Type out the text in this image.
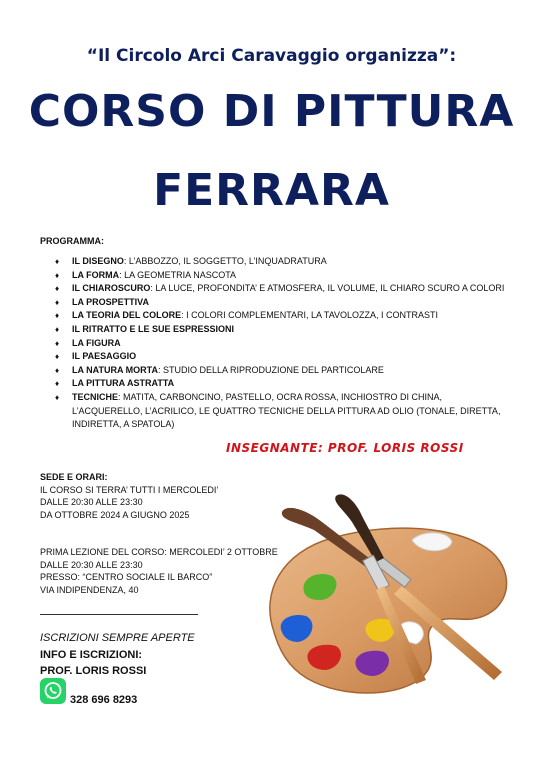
“Il Circolo Arci Caravaggio organizza”:
CORSO DI PITTURA
FERRARA
PROGRAMMA:
♦ IL DISEGNO: L’ABBOZZO, IL SOGGETTO, L’INQUADRATURA
♦ LA FORMA: LA GEOMETRIA NASCOTA
♦ IL CHIAROSCURO: LA LUCE, PROFONDITA’ E ATMOSFERA, IL VOLUME, IL CHIARO SCURO A COLORI
♦ LA PROSPETTIVA
♦ LA TEORIA DEL COLORE: I COLORI COMPLEMENTARI, LA TAVOLOZZA, I CONTRASTI
♦ IL RITRATTO E LE SUE ESPRESSIONI
♦ LA FIGURA
♦ IL PAESAGGIO
♦ LA NATURA MORTA: STUDIO DELLA RIPRODUZIONE DEL PARTICOLARE
♦ LA PITTURA ASTRATTA
♦ TECNICHE: MATITA, CARBONCINO, PASTELLO, OCRA ROSSA, INCHIOSTRO DI CHINA, L’ACQUERELLO, L’ACRILICO, LE QUATTRO TECNICHE DELLA PITTURA AD OLIO (TONALE, DIRETTA, INDIRETTA, A SPATOLA)
INSEGNANTE: PROF. LORIS ROSSI
SEDE E ORARI:
IL CORSO SI TERRA’ TUTTI I MERCOLEDI’
DALLE 20:30 ALLE 23:30
DA OTTOBRE 2024 A GIUGNO 2025
PRIMA LEZIONE DEL CORSO: MERCOLEDI’ 2 OTTOBRE
DALLE 20:30 ALLE 23:30
PRESSO: “CENTRO SOCIALE IL BARCO”
VIA INDIPENDENZA, 40
ISCRIZIONI SEMPRE APERTE
INFO E ISCRIZIONI:
PROF. LORIS ROSSI
328 696 8293
